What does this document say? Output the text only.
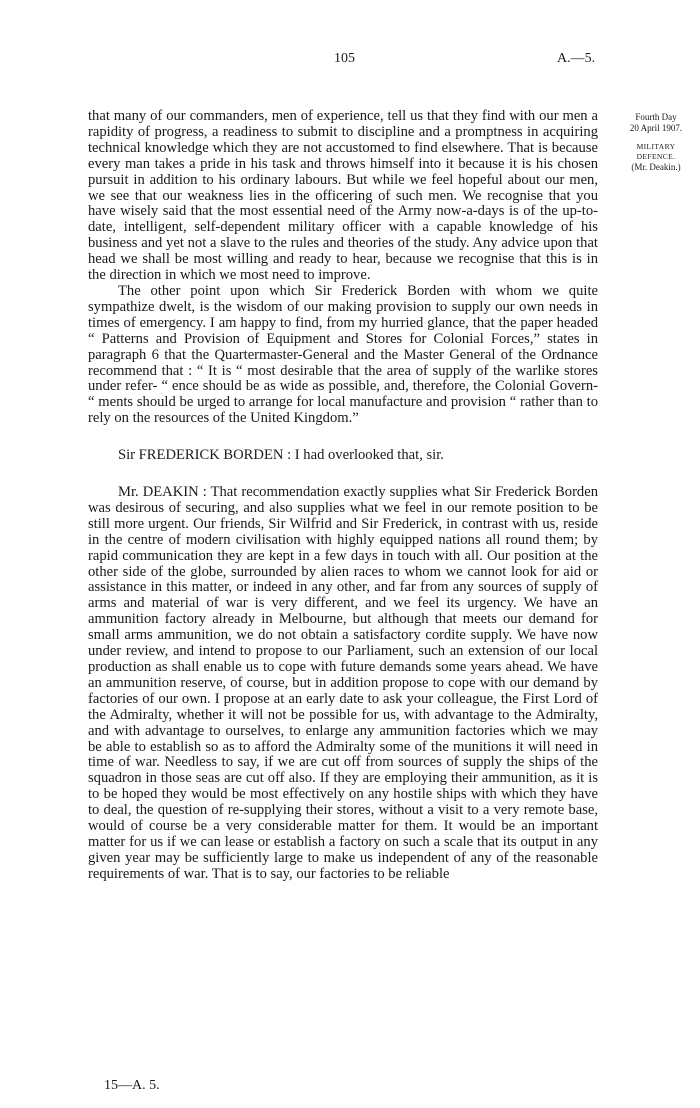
105	A.—5.
Fourth Day
20 April 1907.
MILITARY
DEFENCE.
(Mr. Deakin.)

that many of our commanders, men of experience, tell us that they find with our men a rapidity of progress, a readiness to submit to discipline and a promptness in acquiring technical knowledge which they are not accustomed to find elsewhere. That is because every man takes a pride in his task and throws himself into it because it is his chosen pursuit in addition to his ordinary labours. But while we feel hopeful about our men, we see that our weakness lies in the officering of such men. We recognise that you have wisely said that the most essential need of the Army now-a-days is of the up-to-date, intelligent, self-dependent military officer with a capable knowledge of his business and yet not a slave to the rules and theories of the study. Any advice upon that head we shall be most willing and ready to hear, because we recognise that this is in the direction in which we most need to improve.

The other point upon which Sir Frederick Borden with whom we quite sympathize dwelt, is the wisdom of our making provision to supply our own needs in times of emergency. I am happy to find, from my hurried glance, that the paper headed “ Patterns and Provision of Equipment and Stores for Colonial Forces,” states in paragraph 6 that the Quartermaster-General and the Master General of the Ordnance recommend that : “ It is “ most desirable that the area of supply of the warlike stores under refer- “ ence should be as wide as possible, and, therefore, the Colonial Govern- “ ments should be urged to arrange for local manufacture and provision “ rather than to rely on the resources of the United Kingdom.”

Sir FREDERICK BORDEN : I had overlooked that, sir.

Mr. DEAKIN : That recommendation exactly supplies what Sir Frederick Borden was desirous of securing, and also supplies what we feel in our remote position to be still more urgent. Our friends, Sir Wilfrid and Sir Frederick, in contrast with us, reside in the centre of modern civilisation with highly equipped nations all round them; by rapid communication they are kept in a few days in touch with all. Our position at the other side of the globe, surrounded by alien races to whom we cannot look for aid or assistance in this matter, or indeed in any other, and far from any sources of supply of arms and material of war is very different, and we feel its urgency. We have an ammunition factory already in Melbourne, but although that meets our demand for small arms ammunition, we do not obtain a satisfactory cordite supply. We have now under review, and intend to propose to our Parliament, such an extension of our local production as shall enable us to cope with future demands some years ahead. We have an ammunition reserve, of course, but in addition propose to cope with our demand by factories of our own. I propose at an early date to ask your colleague, the First Lord of the Admiralty, whether it will not be possible for us, with advantage to the Admiralty, and with advantage to ourselves, to enlarge any ammunition factories which we may be able to establish so as to afford the Admiralty some of the munitions it will need in time of war. Needless to say, if we are cut off from sources of supply the ships of the squadron in those seas are cut off also. If they are employing their ammunition, as it is to be hoped they would be most effectively on any hostile ships with which they have to deal, the question of re-supplying their stores, without a visit to a very remote base, would of course be a very considerable matter for them. It would be an important matter for us if we can lease or establish a factory on such a scale that its output in any given year may be sufficiently large to make us independent of any of the reasonable requirements of war. That is to say, our factories to be reliable

15—A. 5.
